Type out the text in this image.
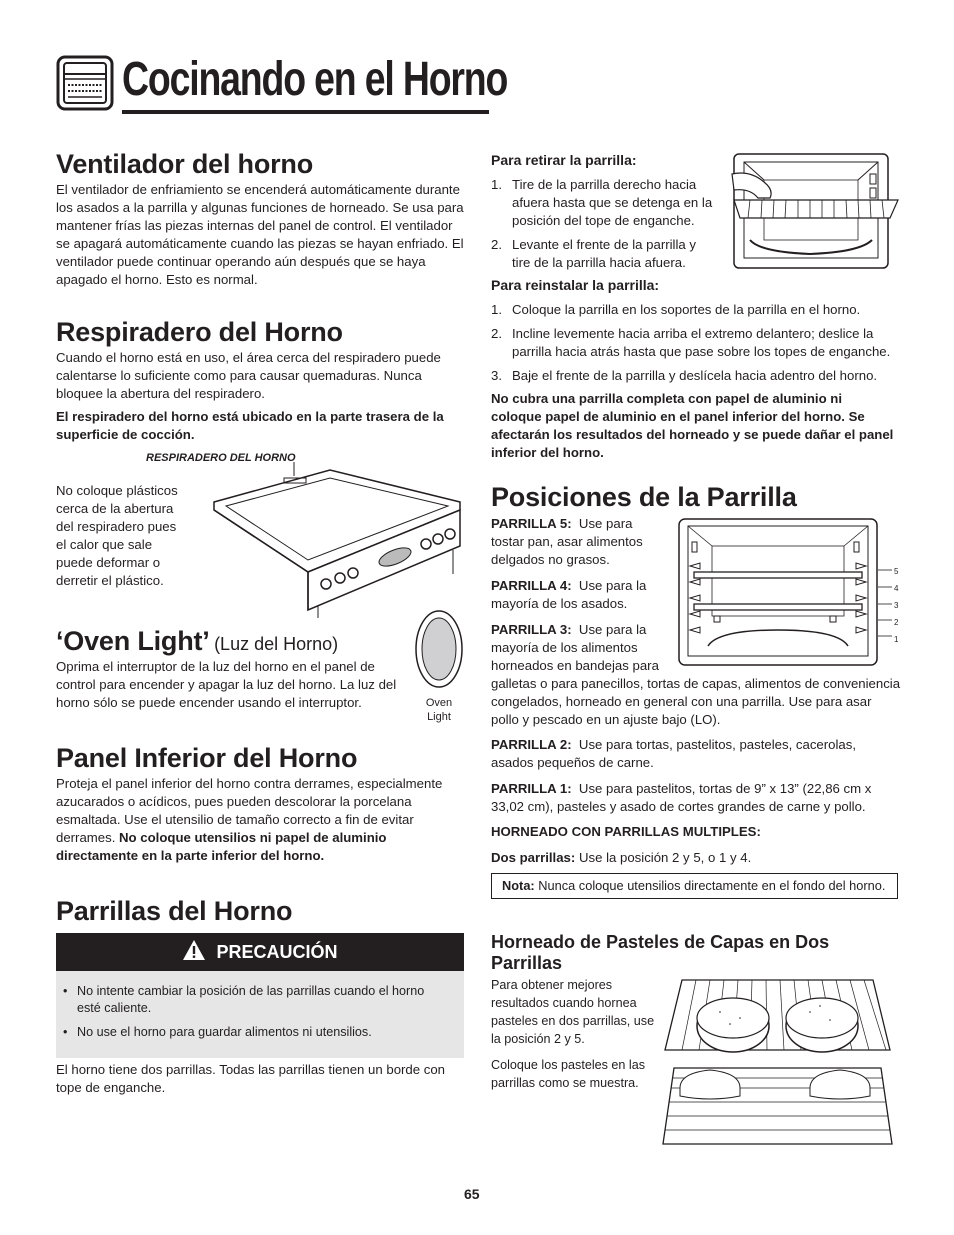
Cocinando en el Horno
Ventilador del horno

El ventilador de enfriamiento se encenderá automáticamente durante los asados a la parrilla y algunas funciones de horneado. Se usa para mantener frías las piezas internas del panel de control. El ventilador se apagará automáticamente cuando las piezas se hayan enfriado. El ventilador puede continuar operando aún después que se haya apagado el horno. Esto es normal.

Respiradero del Horno

Cuando el horno está en uso, el área cerca del respiradero puede calentarse lo suficiente como para causar quemaduras. Nunca bloquee la abertura del respiradero.

El respiradero del horno está ubicado en la parte trasera de la superficie de cocción.

RESPIRADERO DEL HORNO

No coloque plásticos cerca de la abertura del respiradero pues el calor que sale puede deformar o derretir el plástico.

‘Oven Light’ (Luz del Horno)

Oprima el interruptor de la luz del horno en el panel de control para encender y apagar la luz del horno. La luz del horno sólo se puede encender usando el interruptor.	Oven
Light
Panel Inferior del Horno

Proteja el panel inferior del horno contra derrames, especialmente azucarados o acídicos, pues pueden descolorar la porcelana esmaltada. Use el utensilio de tamaño correcto a fin de evitar derrames. No coloque utensilios ni papel de aluminio directamente en la parte inferior del horno.

Parrillas del Horno
PRECAUCIÓN
• No intente cambiar la posición de las parrillas cuando el horno esté caliente.
• No use el horno para guardar alimentos ni utensilios.

El horno tiene dos parrillas. Todas las parrillas tienen un borde con tope de enganche.

Para retirar la parrilla:

1. Tire de la parrilla derecho hacia afuera hasta que se detenga en la posición del tope de enganche.
2. Levante el frente de la parrilla y tire de la parrilla hacia afuera.

Para reinstalar la parrilla:

1. Coloque la parrilla en los soportes de la parrilla en el horno.
2. Incline levemente hacia arriba el extremo delantero; deslice la parrilla hacia atrás hasta que pase sobre los topes de enganche.
3. Baje el frente de la parrilla y deslícela hacia adentro del horno.

No cubra una parrilla completa con papel de aluminio ni coloque papel de aluminio en el panel inferior del horno. Se afectarán los resultados del horneado y se puede dañar el panel inferior del horno.

Posiciones de la Parrilla

PARRILLA 5: Use para tostar pan, asar alimentos delgados no grasos.

PARRILLA 4: Use para la mayoría de los asados.

PARRILLA 3: Use para la mayoría de los alimentos horneados en bandejas para

galletas o para panecillos, tortas de capas, alimentos de conveniencia congelados, horneado en general con una parrilla. Use para asar pollo y pescado en un ajuste bajo (LO).

5
4
3
2
1

PARRILLA 2: Use para tortas, pastelitos, pasteles, cacerolas, asados pequeños de carne.

PARRILLA 1: Use para pastelitos, tortas de 9” x 13” (22,86 cm x 33,02 cm), pasteles y asado de cortes grandes de carne y pollo.

HORNEADO CON PARRILLAS MULTIPLES:

Dos parrillas: Use la posición 2 y 5, o 1 y 4.

Nota: Nunca coloque utensilios directamente en el fondo del horno.

Horneado de Pasteles de Capas en Dos Parrillas

Para obtener mejores resultados cuando hornea pasteles en dos parrillas, use la posición 2 y 5.

Coloque los pasteles en las parrillas como se muestra.

65
